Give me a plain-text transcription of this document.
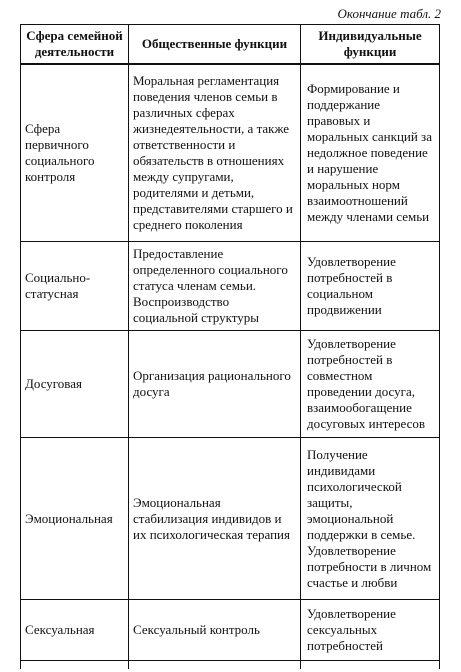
Окончание табл. 2
Сфера семейной деятельности	Общественные функции	Индивидуальные функции
Сфера первичного социального контроля	Моральная регламентация поведения членов семьи в различных сферах жизнедеятельности, а также ответственности и обязательств в отношениях между супругами, родителями и детьми, представителями старшего и среднего поколения	Формирование и поддержание правовых и моральных санкций за недолжное поведение и нарушение моральных норм взаимоотношений между членами семьи
Социально-статусная	Предоставление определенного социального статуса членам семьи. Воспроизводство социальной структуры	Удовлетворение потребностей в социальном продвижении
Досуговая	Организация рационального досуга	Удовлетворение потребностей в совместном проведении досуга, взаимообогащение досуговых интересов
Эмоциональная	Эмоциональная стабилизация индивидов и их психологическая терапия	Получение индивидами психологической защиты, эмоциональной поддержки в семье. Удовлетворение потребности в личном счастье и любви
Сексуальная	Сексуальный контроль	Удовлетворение сексуальных потребностей
